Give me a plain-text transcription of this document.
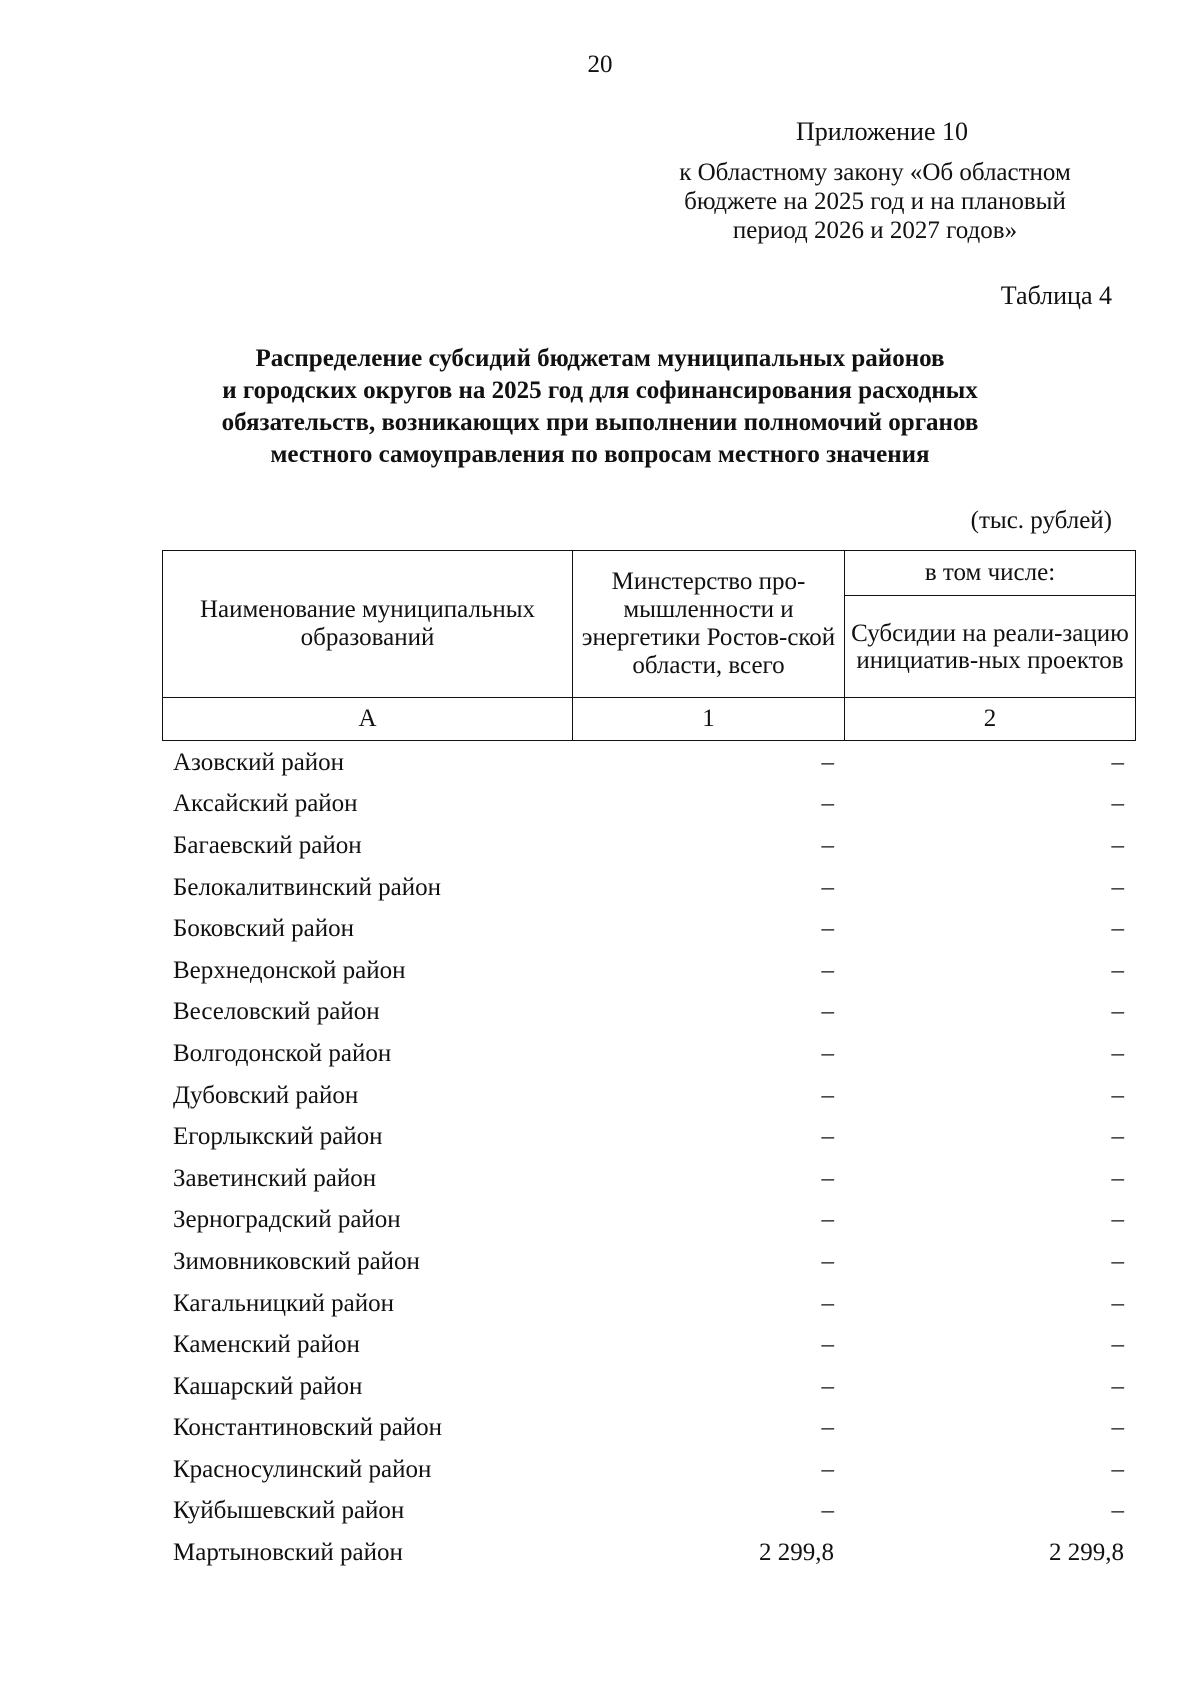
20
Приложение 10
к Областному закону «Об областном
бюджете на 2025 год и на плановый
период 2026 и 2027 годов»
Таблица 4
Распределение субсидий бюджетам муниципальных районов
и городских округов на 2025 год для софинансирования расходных
обязательств, возникающих при выполнении полномочий органов
местного самоуправления по вопросам местного значения
(тыс. рублей)
Наименование муниципальных образований	Минстерство про-мышленности и энергетики Ростов-ской области, всего	в том числе:
		Субсидии на реали-зацию инициатив-ных проектов
А	1	2
Азовский район	–	–
Аксайский район	–	–
Багаевский район	–	–
Белокалитвинский район	–	–
Боковский район	–	–
Верхнедонской район	–	–
Веселовский район	–	–
Волгодонской район	–	–
Дубовский район	–	–
Егорлыкский район	–	–
Заветинский район	–	–
Зерноградский район	–	–
Зимовниковский район	–	–
Кагальницкий район	–	–
Каменский район	–	–
Кашарский район	–	–
Константиновский район	–	–
Красносулинский район	–	–
Куйбышевский район	–	–
Мартыновский район	2 299,8	2 299,8
